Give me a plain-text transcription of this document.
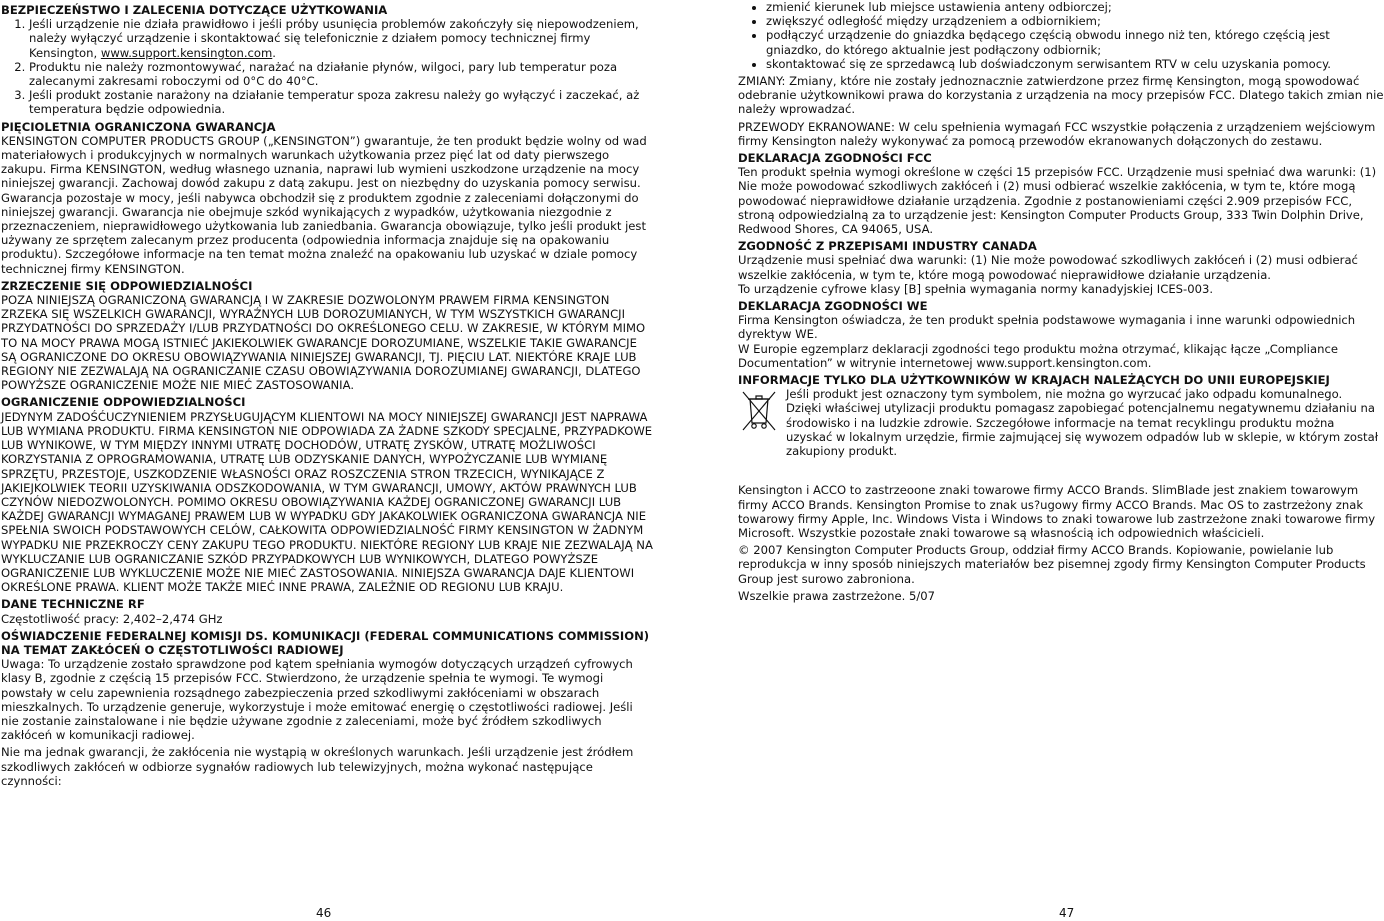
BEZPIECZEŃSTWO I ZALECENIA DOTYCZĄCE UŻYTKOWANIA
1. Jeśli urządzenie nie działa prawidłowo i jeśli próby usunięcia problemów zakończyły się niepowodzeniem, należy wyłączyć urządzenie i skontaktować się telefonicznie z działem pomocy technicznej firmy Kensington, www.support.kensington.com.
2. Produktu nie należy rozmontowywać, narażać na działanie płynów, wilgoci, pary lub temperatur poza zalecanymi zakresami roboczymi od 0°C do 40°C.
3. Jeśli produkt zostanie narażony na działanie temperatur spoza zakresu należy go wyłączyć i zaczekać, aż temperatura będzie odpowiednia.
PIĘCIOLETNIA OGRANICZONA GWARANCJA

KENSINGTON COMPUTER PRODUCTS GROUP („KENSINGTON”) gwarantuje, że ten produkt będzie wolny od wad materiałowych i produkcyjnych w normalnych warunkach użytkowania przez pięć lat od daty pierwszego zakupu. Firma KENSINGTON, według własnego uznania, naprawi lub wymieni uszkodzone urządzenie na mocy niniejszej gwarancji. Zachowaj dowód zakupu z datą zakupu. Jest on niezbędny do uzyskania pomocy serwisu. Gwarancja pozostaje w mocy, jeśli nabywca obchodził się z produktem zgodnie z zaleceniami dołączonymi do niniejszej gwarancji. Gwarancja nie obejmuje szkód wynikających z wypadków, użytkowania niezgodnie z przeznaczeniem, nieprawidłowego użytkowania lub zaniedbania. Gwarancja obowiązuje, tylko jeśli produkt jest używany ze sprzętem zalecanym przez producenta (odpowiednia informacja znajduje się na opakowaniu produktu). Szczegółowe informacje na ten temat można znaleźć na opakowaniu lub uzyskać w dziale pomocy technicznej firmy KENSINGTON.

ZRZECZENIE SIĘ ODPOWIEDZIALNOŚCI

POZA NINIEJSZĄ OGRANICZONĄ GWARANCJĄ I W ZAKRESIE DOZWOLONYM PRAWEM FIRMA KENSINGTON ZRZEKA SIĘ WSZELKICH GWARANCJI, WYRAŹNYCH LUB DOROZUMIANYCH, W TYM WSZYSTKICH GWARANCJI PRZYDATNOŚCI DO SPRZEDAŻY I/LUB PRZYDATNOŚCI DO OKREŚLONEGO CELU. W ZAKRESIE, W KTÓRYM MIMO TO NA MOCY PRAWA MOGĄ ISTNIEĆ JAKIEKOLWIEK GWARANCJE DOROZUMIANE, WSZELKIE TAKIE GWARANCJE SĄ OGRANICZONE DO OKRESU OBOWIĄZYWANIA NINIEJSZEJ GWARANCJI, TJ. PIĘCIU LAT. NIEKTÓRE KRAJE LUB REGIONY NIE ZEZWALAJĄ NA OGRANICZANIE CZASU OBOWIĄZYWANIA DOROZUMIANEJ GWARANCJI, DLATEGO POWYŻSZE OGRANICZENIE MOŻE NIE MIEĆ ZASTOSOWANIA.

OGRANICZENIE ODPOWIEDZIALNOŚCI

JEDYNYM ZADOŚĆUCZYNIENIEM PRZYSŁUGUJĄCYM KLIENTOWI NA MOCY NINIEJSZEJ GWARANCJI JEST NAPRAWA LUB WYMIANA PRODUKTU. FIRMA KENSINGTON NIE ODPOWIADA ZA ŻADNE SZKODY SPECJALNE, PRZYPADKOWE LUB WYNIKOWE, W TYM MIĘDZY INNYMI UTRATĘ DOCHODÓW, UTRATĘ ZYSKÓW, UTRATĘ MOŻLIWOŚCI KORZYSTANIA Z OPROGRAMOWANIA, UTRATĘ LUB ODZYSKANIE DANYCH, WYPOŻYCZANIE LUB WYMIANĘ SPRZĘTU, PRZESTOJE, USZKODZENIE WŁASNOŚCI ORAZ ROSZCZENIA STRON TRZECICH, WYNIKAJĄCE Z JAKIEJKOLWIEK TEORII UZYSKIWANIA ODSZKODOWANIA, W TYM GWARANCJI, UMOWY, AKTÓW PRAWNYCH LUB CZYNÓW NIEDOZWOLONYCH. POMIMO OKRESU OBOWIĄZYWANIA KAŻDEJ OGRANICZONEJ GWARANCJI LUB KAŻDEJ GWARANCJI WYMAGANEJ PRAWEM LUB W WYPADKU GDY JAKAKOLWIEK OGRANICZONA GWARANCJA NIE SPEŁNIA SWOICH PODSTAWOWYCH CELÓW, CAŁKOWITA ODPOWIEDZIALNOŚĆ FIRMY KENSINGTON W ŻADNYM WYPADKU NIE PRZEKROCZY CENY ZAKUPU TEGO PRODUKTU. NIEKTÓRE REGIONY LUB KRAJE NIE ZEZWALAJĄ NA WYKLUCZANIE LUB OGRANICZANIE SZKÓD PRZYPADKOWYCH LUB WYNIKOWYCH, DLATEGO POWYŻSZE OGRANICZENIE LUB WYKLUCZENIE MOŻE NIE MIEĆ ZASTOSOWANIA. NINIEJSZA GWARANCJA DAJE KLIENTOWI OKREŚLONE PRAWA. KLIENT MOŻE TAKŻE MIEĆ INNE PRAWA, ZALEŻNIE OD REGIONU LUB KRAJU.

DANE TECHNICZNE RF

Częstotliwość pracy: 2,402–2,474 GHz

OŚWIADCZENIE FEDERALNEJ KOMISJI DS. KOMUNIKACJI (FEDERAL COMMUNICATIONS COMMISSION) NA TEMAT ZAKŁÓCEŃ O CZĘSTOTLIWOŚCI RADIOWEJ

Uwaga: To urządzenie zostało sprawdzone pod kątem spełniania wymogów dotyczących urządzeń cyfrowych klasy B, zgodnie z częścią 15 przepisów FCC. Stwierdzono, że urządzenie spełnia te wymogi. Te wymogi powstały w celu zapewnienia rozsądnego zabezpieczenia przed szkodliwymi zakłóceniami w obszarach mieszkalnych. To urządzenie generuje, wykorzystuje i może emitować energię o częstotliwości radiowej. Jeśli nie zostanie zainstalowane i nie będzie używane zgodnie z zaleceniami, może być źródłem szkodliwych zakłóceń w komunikacji radiowej.

Nie ma jednak gwarancji, że zakłócenia nie wystąpią w określonych warunkach. Jeśli urządzenie jest źródłem szkodliwych zakłóceń w odbiorze sygnałów radiowych lub telewizyjnych, można wykonać następujące czynności:

46
• zmienić kierunek lub miejsce ustawienia anteny odbiorczej;
• zwiększyć odległość między urządzeniem a odbiornikiem;
• podłączyć urządzenie do gniazdka będącego częścią obwodu innego niż ten, którego częścią jest gniazdko, do którego aktualnie jest podłączony odbiornik;
• skontaktować się ze sprzedawcą lub doświadczonym serwisantem RTV w celu uzyskania pomocy.

ZMIANY: Zmiany, które nie zostały jednoznacznie zatwierdzone przez firmę Kensington, mogą spowodować odebranie użytkownikowi prawa do korzystania z urządzenia na mocy przepisów FCC. Dlatego takich zmian nie należy wprowadzać.

PRZEWODY EKRANOWANE: W celu spełnienia wymagań FCC wszystkie połączenia z urządzeniem wejściowym firmy Kensington należy wykonywać za pomocą przewodów ekranowanych dołączonych do zestawu.

DEKLARACJA ZGODNOŚCI FCC

Ten produkt spełnia wymogi określone w części 15 przepisów FCC. Urządzenie musi spełniać dwa warunki: (1) Nie może powodować szkodliwych zakłóceń i (2) musi odbierać wszelkie zakłócenia, w tym te, które mogą powodować nieprawidłowe działanie urządzenia. Zgodnie z postanowieniami części 2.909 przepisów FCC, stroną odpowiedzialną za to urządzenie jest: Kensington Computer Products Group, 333 Twin Dolphin Drive, Redwood Shores, CA 94065, USA.

ZGODNOŚĆ Z PRZEPISAMI INDUSTRY CANADA

Urządzenie musi spełniać dwa warunki: (1) Nie może powodować szkodliwych zakłóceń i (2) musi odbierać wszelkie zakłócenia, w tym te, które mogą powodować nieprawidłowe działanie urządzenia.

To urządzenie cyfrowe klasy [B] spełnia wymagania normy kanadyjskiej ICES-003.

DEKLARACJA ZGODNOŚCI WE

Firma Kensington oświadcza, że ten produkt spełnia podstawowe wymagania i inne warunki odpowiednich dyrektyw WE.

W Europie egzemplarz deklaracji zgodności tego produktu można otrzymać, klikając łącze „Compliance Documentation” w witrynie internetowej www.support.kensington.com.

INFORMACJE TYLKO DLA UŻYTKOWNIKÓW W KRAJACH NALEŻĄCYCH DO UNII EUROPEJSKIEJ
Jeśli produkt jest oznaczony tym symbolem, nie można go wyrzucać jako odpadu komunalnego.
Dzięki właściwej utylizacji produktu pomagasz zapobiegać potencjalnemu negatywnemu działaniu na środowisko i na ludzkie zdrowie. Szczegółowe informacje na temat recyklingu produktu można uzyskać w lokalnym urzędzie, firmie zajmującej się wywozem odpadów lub w sklepie, w którym został zakupiony produkt.

Kensington i ACCO to zastrzeoone znaki towarowe firmy ACCO Brands. SlimBlade jest znakiem towarowym firmy ACCO Brands. Kensington Promise to znak us?ugowy firmy ACCO Brands. Mac OS to zastrzeżony znak towarowy firmy Apple, Inc. Windows Vista i Windows to znaki towarowe lub zastrzeżone znaki towarowe firmy Microsoft. Wszystkie pozostałe znaki towarowe są własnością ich odpowiednich właścicieli.

© 2007 Kensington Computer Products Group, oddział firmy ACCO Brands. Kopiowanie, powielanie lub reprodukcja w inny sposób niniejszych materiałów bez pisemnej zgody firmy Kensington Computer Products Group jest surowo zabroniona.

Wszelkie prawa zastrzeżone. 5/07

47
